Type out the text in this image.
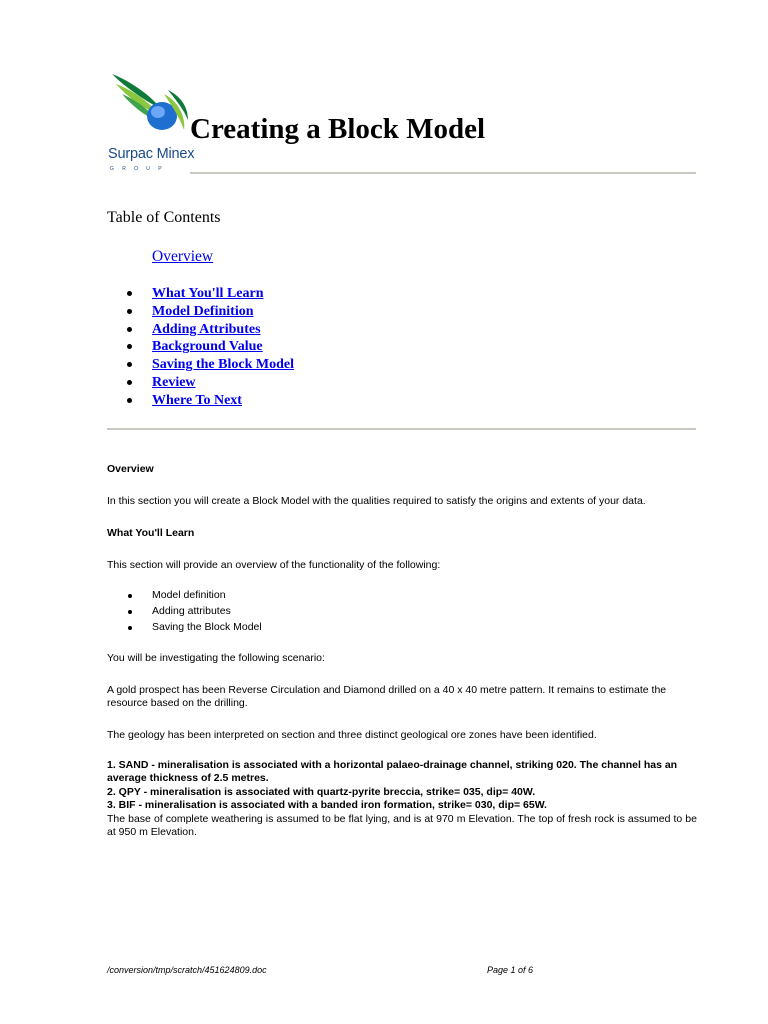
Surpac Minex
GROUP
Creating a Block Model
Table of Contents
Overview
What You'll Learn
Model Definition
Adding Attributes
Background Value
Saving the Block Model
Review
Where To Next
Overview
In this section you will create a Block Model with the qualities required to satisfy the origins and extents of your data.
What You'll Learn
This section will provide an overview of the functionality of the following:
Model definition
Adding attributes
Saving the Block Model
You will be investigating the following scenario:
A gold prospect has been Reverse Circulation and Diamond drilled on a 40 x 40 metre pattern. It remains to estimate the resource based on the drilling.
The geology has been interpreted on section and three distinct geological ore zones have been identified.
1. SAND - mineralisation is associated with a horizontal palaeo-drainage channel, striking 020. The channel has an average thickness of 2.5 metres.
2. QPY - mineralisation is associated with quartz-pyrite breccia, strike= 035, dip= 40W.
3. BIF - mineralisation is associated with a banded iron formation, strike= 030, dip= 65W.
The base of complete weathering is assumed to be flat lying, and is at 970 m Elevation. The top of fresh rock is assumed to be at 950 m Elevation.
/conversion/tmp/scratch/451624809.doc	Page 1 of 6
